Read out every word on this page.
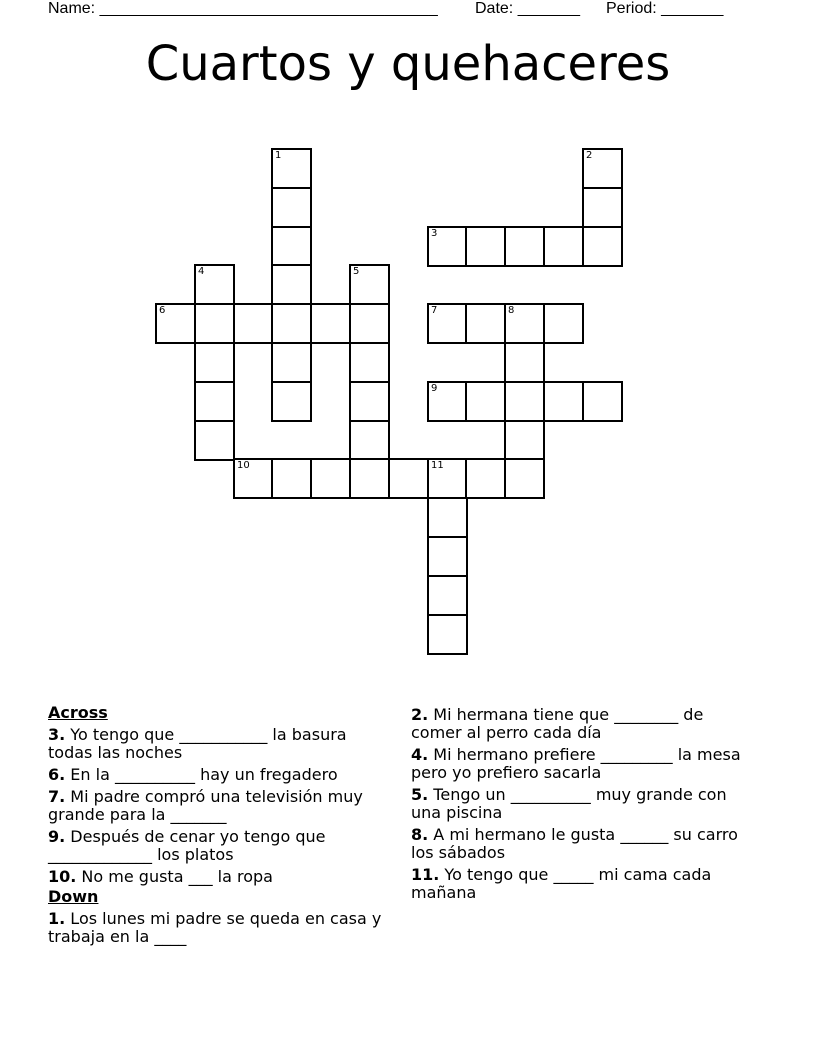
Name: ______________________________________ Date: _______ Period: _______
Cuartos y quehaceres
1	2
3
4	5
6	7	8
9
10	11
Across
3. Yo tengo que ___________ la basura todas las noches
6. En la __________ hay un fregadero
7. Mi padre compró una televisión muy grande para la _______
9. Después de cenar yo tengo que _____________ los platos
10. No me gusta ___ la ropa
Down
1. Los lunes mi padre se queda en casa y trabaja en la ____
2. Mi hermana tiene que ________ de comer al perro cada día
4. Mi hermano prefiere _________ la mesa pero yo prefiero sacarla
5. Tengo un __________ muy grande con una piscina
8. A mi hermano le gusta ______ su carro los sábados
11. Yo tengo que _____ mi cama cada mañana
